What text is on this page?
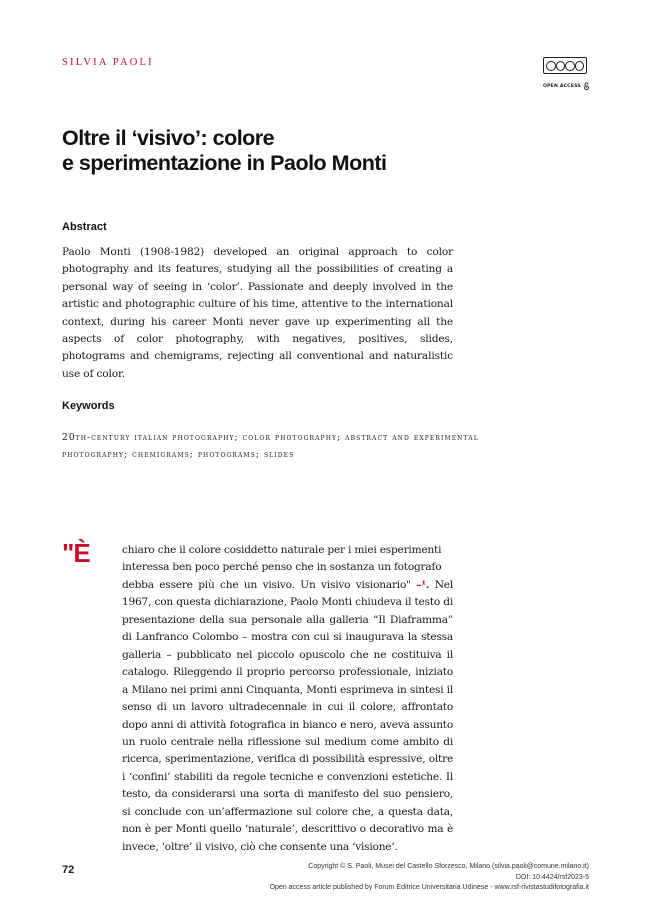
SILVIA PAOLI
OPEN ACCESS
Oltre il ‘visivo’: colore
e sperimentazione in Paolo Monti
Abstract

Paolo Monti (1908-1982) developed an original approach to color photography and its features, studying all the possibilities of creating a personal way of seeing in ‘color’. Passionate and deeply involved in the artistic and photographic culture of his time, attentive to the international context, during his career Monti never gave up experimenting all the aspects of color photography, with negatives, positives, slides, photograms and chemigrams, rejecting all conventional and naturalistic use of color.

Keywords

20th-century italian photography; color photography; abstract and experimental photography; chemigrams; photograms; slides

"È	chiaro che il colore cosiddetto naturale per i miei esperimenti
interessa ben poco perché penso che in sostanza un fotografo
debba essere più che un visivo. Un visivo visionario" –¹. Nel 1967, con questa dichiarazione, Paolo Monti chiudeva il testo di presentazione della sua personale alla galleria “Il Diaframma” di Lanfranco Colombo – mostra con cui si inaugurava la stessa galleria – pubblicato nel piccolo opuscolo che ne costituiva il catalogo. Rileggendo il proprio percorso professionale, iniziato a Milano nei primi anni Cinquanta, Monti esprimeva in sintesi il senso di un lavoro ultradecennale in cui il colore, affrontato dopo anni di attività fotografica in bianco e nero, aveva assunto un ruolo centrale nella riflessione sul medium come ambito di ricerca, sperimentazione, verifica di possibilità espressive, oltre i ‘confini’ stabiliti da regole tecniche e convenzioni estetiche. Il testo, da considerarsi una sorta di manifesto del suo pensiero, si conclude con un’affermazione sul colore che, a questa data, non è per Monti quello ‘naturale’, descrittivo o decorativo ma è invece, ‘oltre’ il visivo, ciò che consente una ‘visione’.
72	Copyright © S. Paoli, Musei del Castello Sforzesco, Milano (silvia.paoli@comune.milano.it)
DOI: 10.4424/rsf2023-5
Open access article published by Forum Editrice Universitaria Udinese - www.rsf-rivistastudifotografia.it
